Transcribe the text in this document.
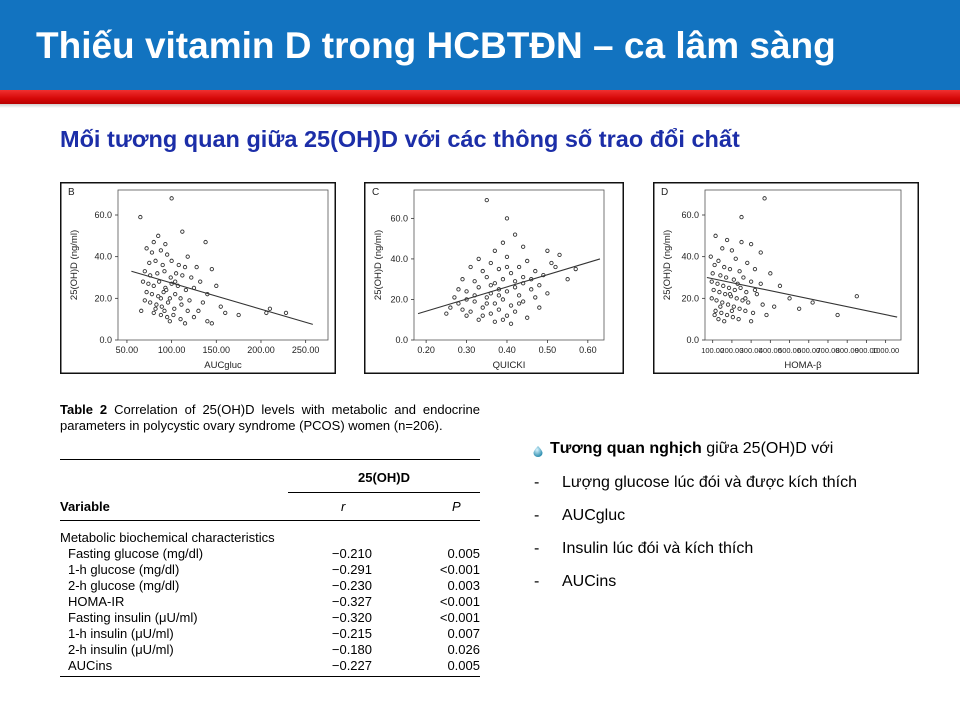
Thiếu vitamin D trong HCBTĐN – ca lâm sàng
Mối tương quan giữa 25(OH)D với các thông số trao đổi chất
B
0.0
20.0
40.0
60.0
50.00 100.00 150.00 200.00 250.00
AUCgluc
25(OH)D (ng/ml)
C
0.0
20.0
40.0
60.0
0.20	0.30	0.40	0.50	0.60
QUICKI
25(OH)D (ng/ml)
D
0.0
20.0
40.0
60.0
100.00
200.00
300.00
400.00
500.00
600.00
700.00
800.00
900.00
1000.00
HOMA-β
25(OH)D (ng/ml)
Table 2 Correlation of 25(OH)D levels with metabolic and endocrine parameters in polycystic ovary syndrome (PCOS) women (n=206).
25(OH)D
Variable	r	P
Metabolic biochemical characteristics
Fasting glucose (mg/dl)	−0.210	0.005
1-h glucose (mg/dl)	−0.291	<0.001
2-h glucose (mg/dl)	−0.230	0.003
HOMA-IR	−0.327	<0.001
Fasting insulin (μU/ml)	−0.320	<0.001
1-h insulin (μU/ml)	−0.215	0.007
2-h insulin (μU/ml)	−0.180	0.026
AUCins	−0.227	0.005
Tương quan nghịch giữa 25(OH)D với
- Lượng glucose lúc đói và được kích thích
- AUCgluc
- Insulin lúc đói và kích thích
- AUCins
